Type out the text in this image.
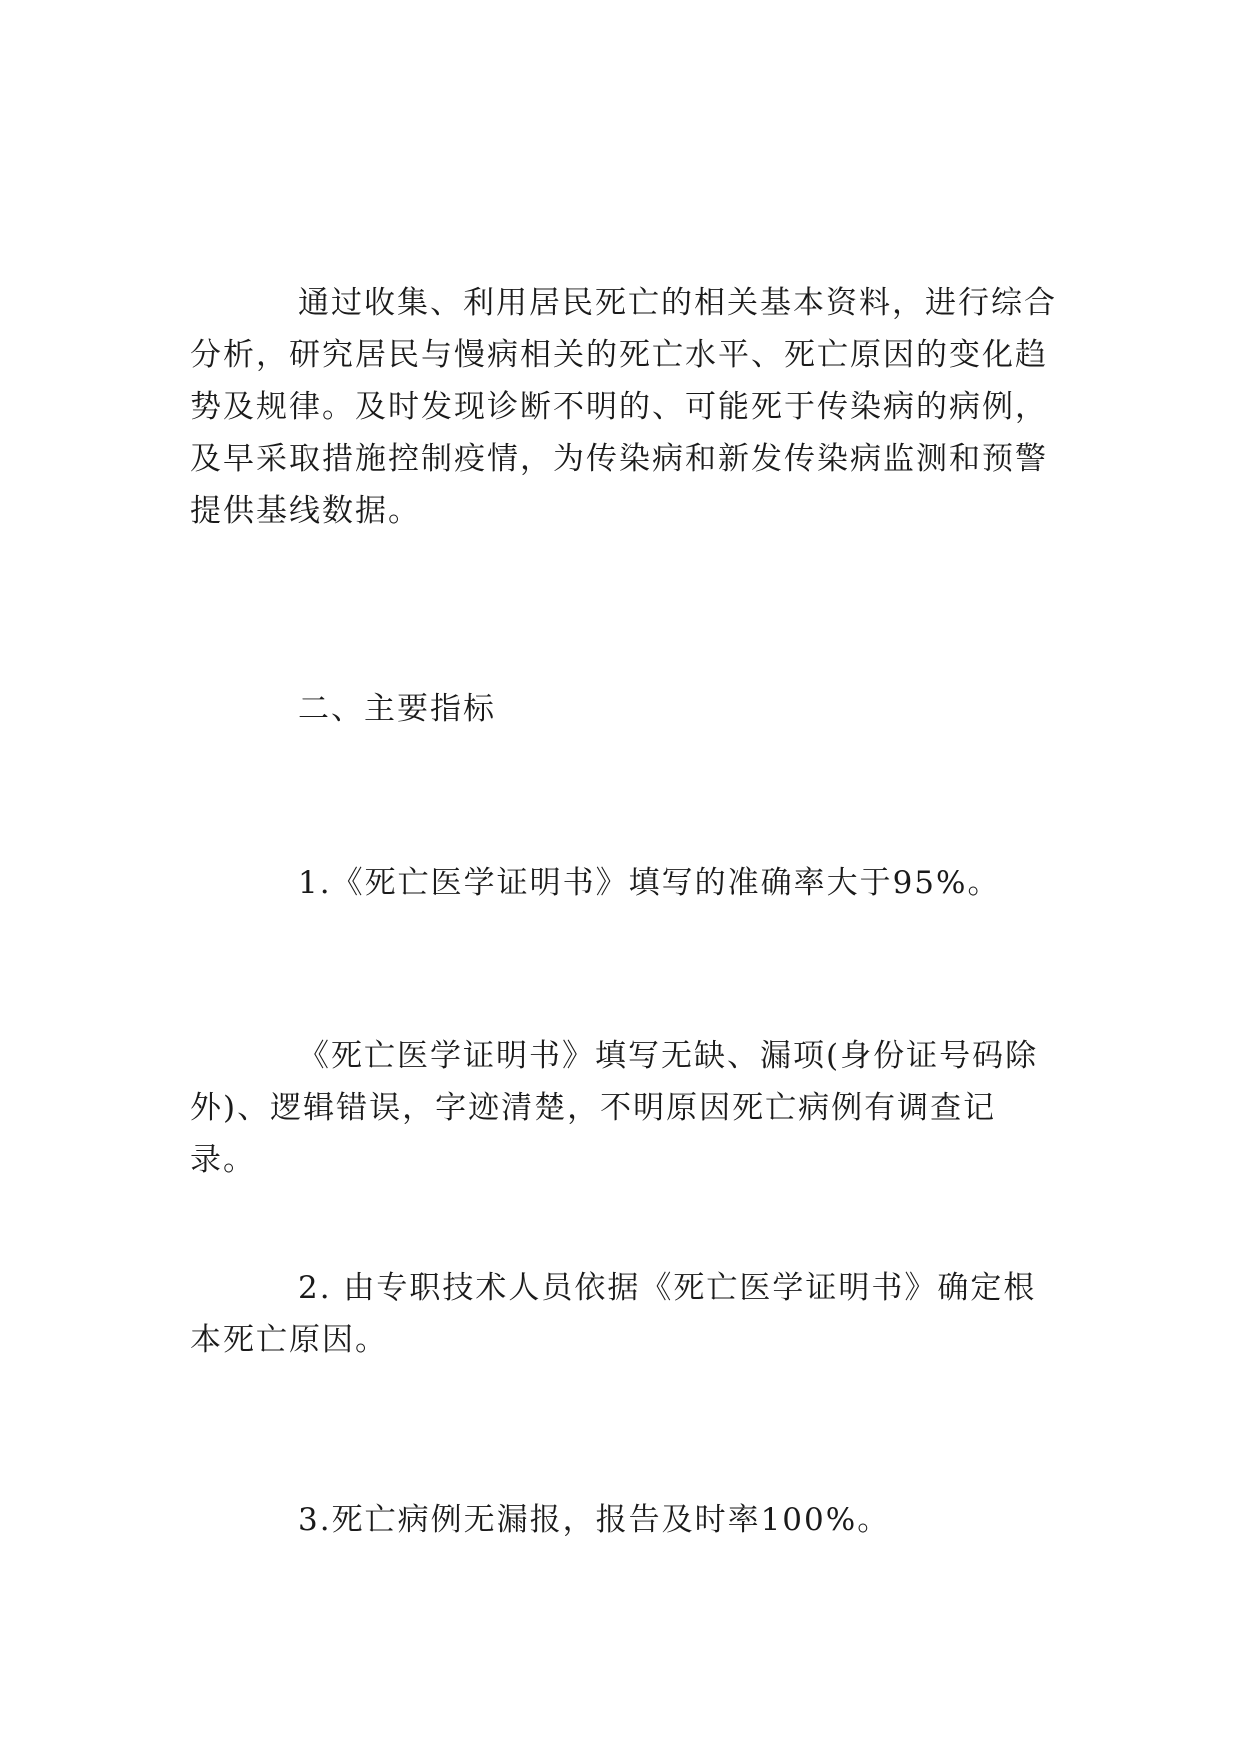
通过收集、利用居民死亡的相关基本资料，进行综合分析，研究居民与慢病相关的死亡水平、死亡原因的变化趋势及规律。及时发现诊断不明的、可能死于传染病的病例，及早采取措施控制疫情，为传染病和新发传染病监测和预警提供基线数据。

二、主要指标

1.《死亡医学证明书》填写的准确率大于95%。

《死亡医学证明书》填写无缺、漏项(身份证号码除外)、逻辑错误，字迹清楚，不明原因死亡病例有调查记录。

2. 由专职技术人员依据《死亡医学证明书》确定根本死亡原因。

3.死亡病例无漏报，报告及时率100%。
